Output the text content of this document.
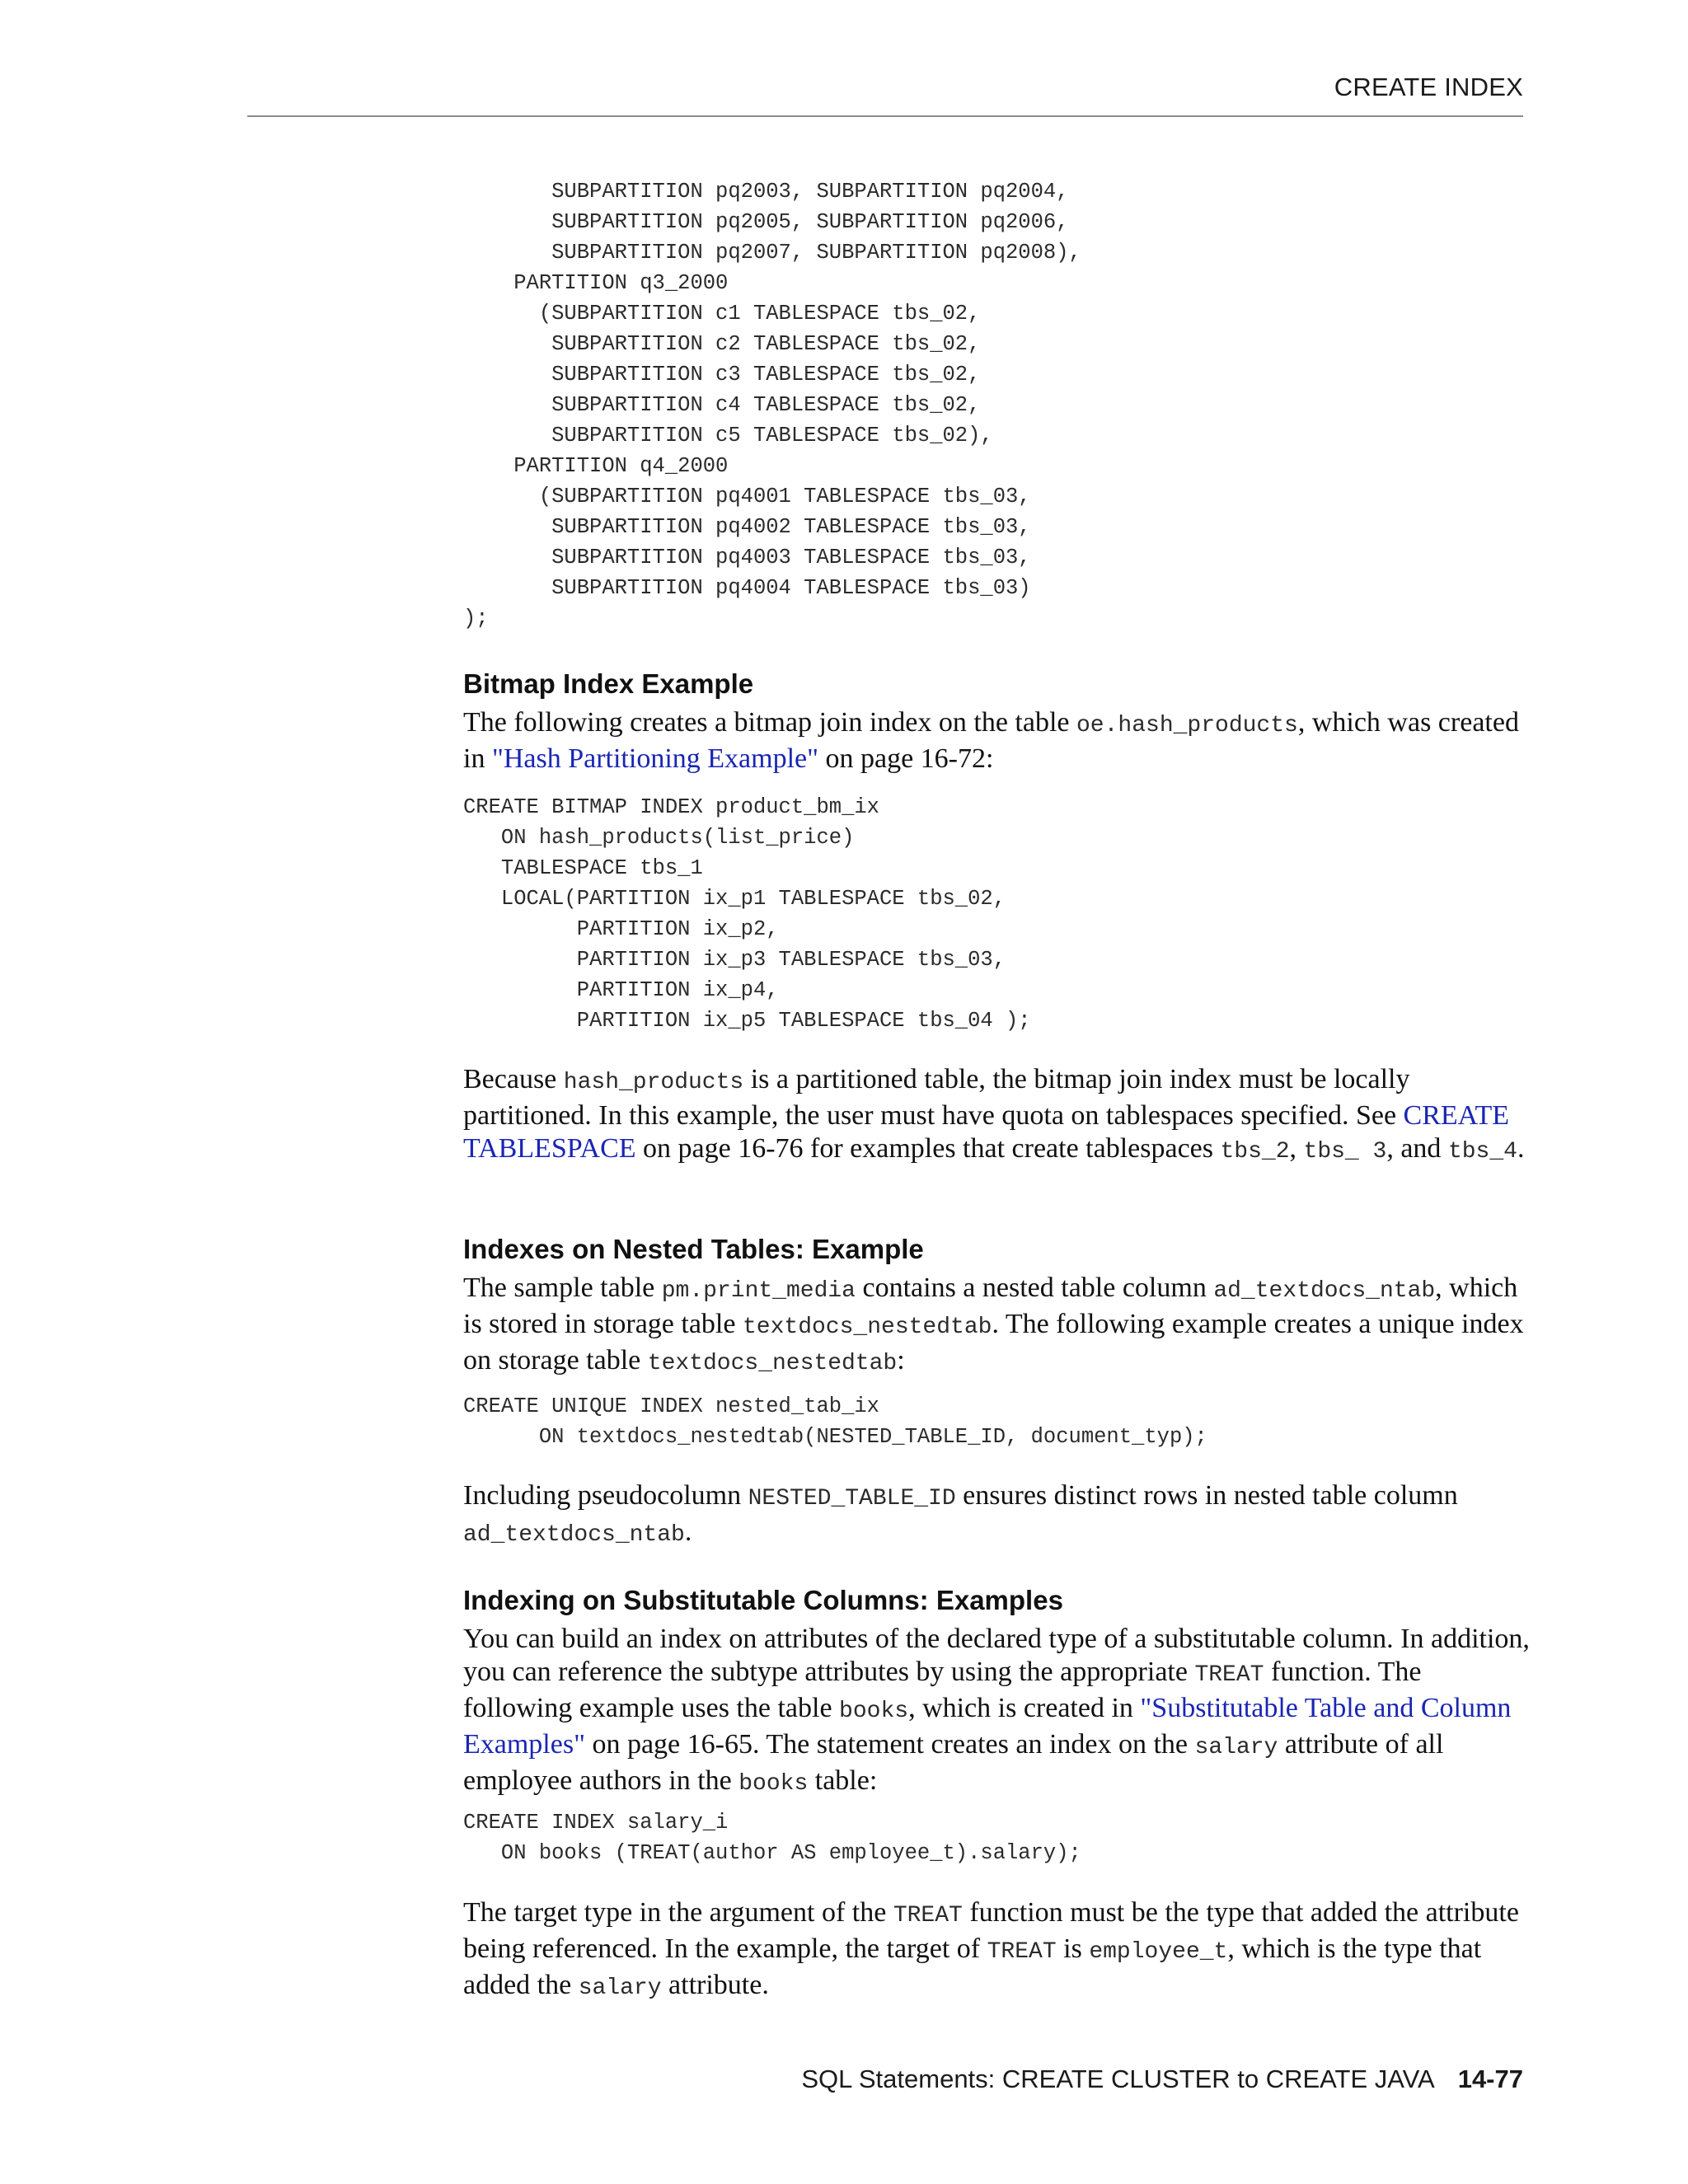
CREATE INDEX
SUBPARTITION pq2003, SUBPARTITION pq2004,
SUBPARTITION pq2005, SUBPARTITION pq2006,
SUBPARTITION pq2007, SUBPARTITION pq2008),
PARTITION q3_2000
(SUBPARTITION c1 TABLESPACE tbs_02,
SUBPARTITION c2 TABLESPACE tbs_02,
SUBPARTITION c3 TABLESPACE tbs_02,
SUBPARTITION c4 TABLESPACE tbs_02,
SUBPARTITION c5 TABLESPACE tbs_02),
PARTITION q4_2000
(SUBPARTITION pq4001 TABLESPACE tbs_03,
SUBPARTITION pq4002 TABLESPACE tbs_03,
SUBPARTITION pq4003 TABLESPACE tbs_03,
SUBPARTITION pq4004 TABLESPACE tbs_03)
);
Bitmap Index Example

The following creates a bitmap join index on the table oe.hash_products, which was created in "Hash Partitioning Example" on page 16-72:

CREATE BITMAP INDEX product_bm_ix
ON hash_products(list_price)
TABLESPACE tbs_1
LOCAL(PARTITION ix_p1 TABLESPACE tbs_02,
PARTITION ix_p2,
PARTITION ix_p3 TABLESPACE tbs_03,
PARTITION ix_p4,
PARTITION ix_p5 TABLESPACE tbs_04 );

Because hash_products is a partitioned table, the bitmap join index must be locally partitioned. In this example, the user must have quota on tablespaces specified. See CREATE TABLESPACE on page 16-76 for examples that create tablespaces tbs_2, tbs_ 3, and tbs_4.

Indexes on Nested Tables: Example

The sample table pm.print_media contains a nested table column ad_textdocs_ntab, which is stored in storage table textdocs_nestedtab. The following example creates a unique index on storage table textdocs_nestedtab:

CREATE UNIQUE INDEX nested_tab_ix
ON textdocs_nestedtab(NESTED_TABLE_ID, document_typ);

Including pseudocolumn NESTED_TABLE_ID ensures distinct rows in nested table column ad_textdocs_ntab.

Indexing on Substitutable Columns: Examples

You can build an index on attributes of the declared type of a substitutable column. In addition, you can reference the subtype attributes by using the appropriate TREAT function. The following example uses the table books, which is created in "Substitutable Table and Column Examples" on page 16-65. The statement creates an index on the salary attribute of all employee authors in the books table:

CREATE INDEX salary_i
ON books (TREAT(author AS employee_t).salary);

The target type in the argument of the TREAT function must be the type that added the attribute being referenced. In the example, the target of TREAT is employee_t, which is the type that added the salary attribute.

SQL Statements: CREATE CLUSTER to CREATE JAVA 14-77
